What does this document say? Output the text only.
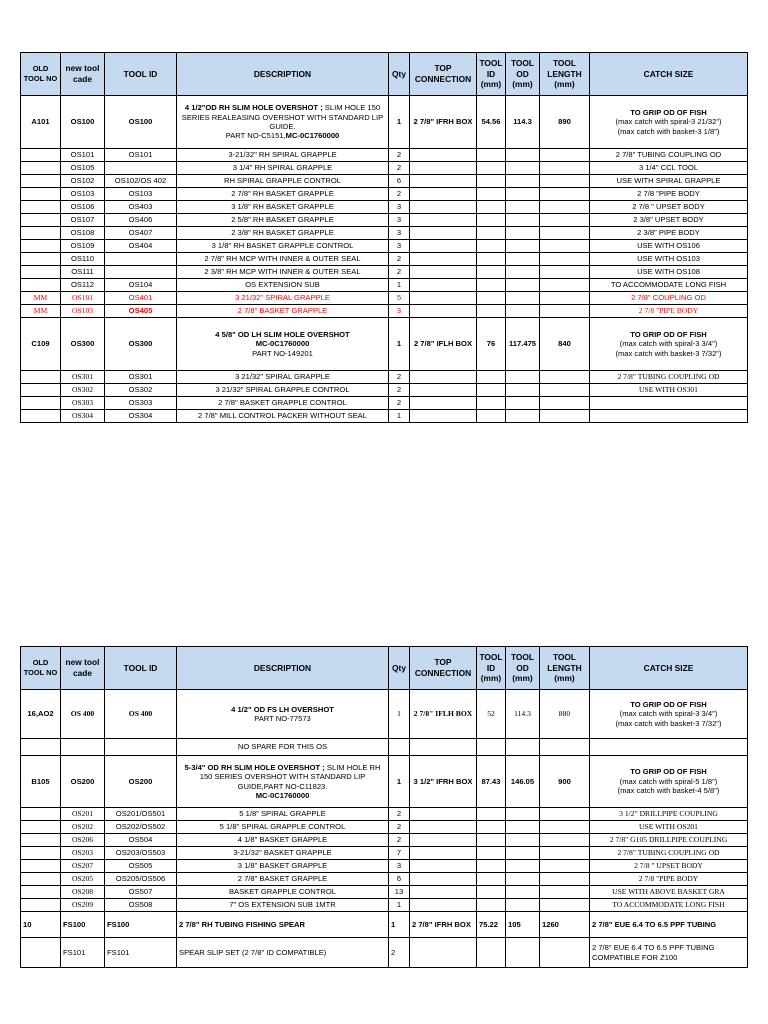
OLD TOOL NO	new tool cade	TOOL ID	DESCRIPTION	Qty	TOP CONNECTION	TOOL ID (mm)	TOOL OD (mm)	TOOL LENGTH (mm)	CATCH SIZE
A101	OS100	OS100	4 1/2"OD RH SLIM HOLE OVERSHOT ; SLIM HOLE 150 SERIES REALEASING OVERSHOT WITH STANDARD LIP GUIDE.
PART NO-C5151,MC-0C1760000	1	2 7/8" IFRH BOX	54.56	114.3	890	TO GRIP OD OF FISH
(max catch with spiral-3 21/32")
(max catch with basket-3 1/8")
	OS101	OS101	3-21/32" RH SPIRAL GRAPPLE	2					2 7/8" TUBING COUPLING OD
	OS105		3 1/4" RH SPIRAL GRAPPLE	2					3 1/4" CCL TOOL
	OS102	OS102/OS 402	RH SPIRAL GRAPPLE CONTROL	6					USE WITH SPIRAL GRAPPLE
	OS103	OS103	2 7/8" RH BASKET GRAPPLE	2					2 7/8 "PIPE BODY
	OS106	OS403	3 1/8" RH BASKET GRAPPLE	3					2 7/8 " UPSET BODY
	OS107	OS406	2 5/8" RH BASKET GRAPPLE	3					2 3/8" UPSET BODY
	OS108	OS407	2 3/8" RH BASKET GRAPPLE	3					2 3/8" PIPE BODY
	OS109	OS404	3 1/8" RH BASKET GRAPPLE CONTROL	3					USE WITH OS106
	OS110		2 7/8" RH MCP WITH INNER & OUTER SEAL	2					USE WITH OS103
	OS111		2 3/8" RH MCP WITH INNER & OUTER SEAL	2					USE WITH OS108
	OS112	OS104	OS EXTENSION SUB	1					TO ACCOMMODATE LONG FISH
MM	OS101	OS401	3 21/32" SPIRAL GRAPPLE	5					2 7/8" COUPLING OD
MM	OS103	OS405	2 7/8" BASKET GRAPPLE	3					2 7/8 "PIPE BODY
C109	OS300	OS300	4 5/8" OD LH SLIM HOLE OVERSHOT
MC-0C1760000
PART NO-149201	1	2 7/8" IFLH BOX	76	117.475	840	TO GRIP OD OF FISH
(max catch with spiral-3 3/4")
(max catch with basket-3 7/32")
	OS301	OS301	3 21/32" SPIRAL GRAPPLE	2					2 7/8" TUBING COUPLING OD
	OS302	OS302	3 21/32" SPIRAL GRAPPLE CONTROL	2					USE WITH OS301
	OS303	OS303	2 7/8" BASKET GRAPPLE CONTROL	2					
	OS304	OS304	2 7/8" MILL CONTROL PACKER WITHOUT SEAL	1					
OLD TOOL NO	new tool cade	TOOL ID	DESCRIPTION	Qty	TOP CONNECTION	TOOL ID (mm)	TOOL OD (mm)	TOOL LENGTH (mm)	CATCH SIZE
16,AO2	OS 400	OS 400	4 1/2" OD FS LH OVERSHOT
PART NO-77573	1	2 7/8" IFLH BOX	52	114.3	880	TO GRIP OD OF FISH
(max catch with spiral-3 3/4")
(max catch with basket-3 7/32")
			NO SPARE FOR THIS OS						
B105	OS200	OS200	5-3/4" OD RH SLIM HOLE OVERSHOT ; SLIM HOLE RH 150 SERIES OVERSHOT WITH STANDARD LIP GUIDE,PART NO-C11823.
MC-0C1760000	1	3 1/2" IFRH BOX	87.43	146.05	900	TO GRIP OD OF FISH
(max catch with spiral-5 1/8")
(max catch with basket-4 5/8")
	OS201	OS201/OS501	5 1/8" SPIRAL GRAPPLE	2					3 1/2" DRILLPIPE COUPLING
	OS202	OS202/OS502	5 1/8" SPIRAL GRAPPLE CONTROL	2					USE WITH OS201
	OS206	OS504	4 1/8" BASKET GRAPPLE	2					2 7/8" G105 DRILLPIPE COUPLING
	OS203	OS203/OS503	3-21/32" BASKET GRAPPLE	7					2 7/8" TUBING COUPLING OD
	OS207	OS505	3 1/8" BASKET GRAPPLE	3					2 7/8 " UPSET BODY
	OS205	OS205/OS506	2 7/8" BASKET GRAPPLE	6					2 7/8 "PIPE BODY
	OS208	OS507	BASKET GRAPPLE CONTROL	13					USE WITH ABOVE BASKET GRA
	OS209	OS508	7" OS EXTENSION SUB 1MTR	1					TO ACCOMMODATE LONG FISH
10	FS100	FS100	2 7/8" RH TUBING FISHING SPEAR	1	2 7/8" IFRH BOX	75.22	105	1260	2 7/8" EUE 6.4 TO 6.5 PPF TUBING
	FS101	FS101	SPEAR SLIP SET (2 7/8" ID COMPATIBLE)	2					2 7/8" EUE 6.4 TO 6.5 PPF TUBING COMPATIBLE FOR Z100
